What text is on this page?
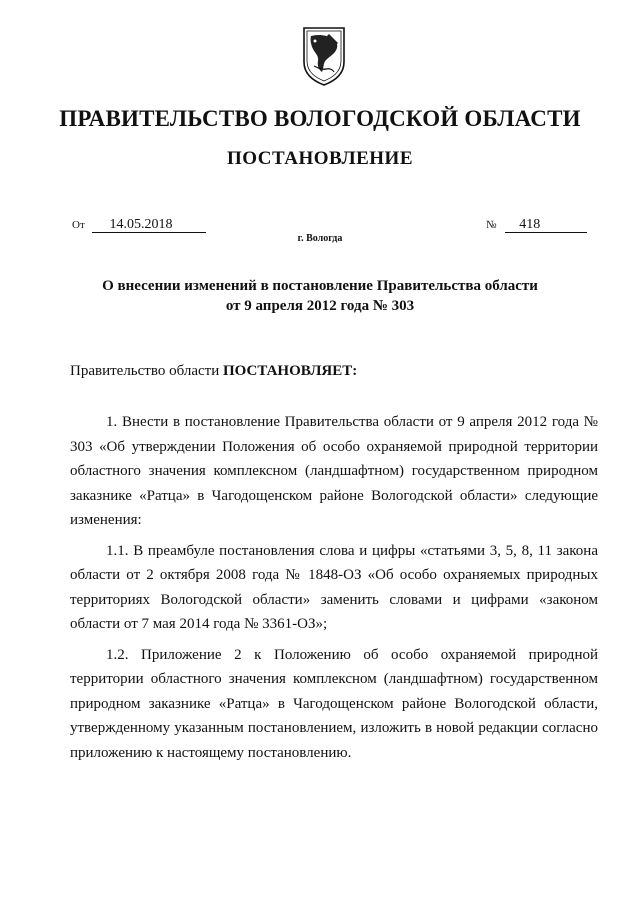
ПРАВИТЕЛЬСТВО ВОЛОГОДСКОЙ ОБЛАСТИ
ПОСТАНОВЛЕНИЕ
От 14.05.2018	№ 418
г. Вологда
О внесении изменений в постановление Правительства области
от 9 апреля 2012 года № 303
Правительство области ПОСТАНОВЛЯЕТ:

1. Внести в постановление Правительства области от 9 апреля 2012 года № 303 «Об утверждении Положения об особо охраняемой природной территории областного значения комплексном (ландшафтном) государственном природном заказнике «Ратца» в Чагодощенском районе Вологодской области» следующие изменения:

1.1. В преамбуле постановления слова и цифры «статьями 3, 5, 8, 11 закона области от 2 октября 2008 года № 1848-ОЗ «Об особо охраняемых природных территориях Вологодской области» заменить словами и цифрами «законом области от 7 мая 2014 года № 3361-ОЗ»;

1.2. Приложение 2 к Положению об особо охраняемой природной территории областного значения комплексном (ландшафтном) государственном природном заказнике «Ратца» в Чагодощенском районе Вологодской области, утвержденному указанным постановлением, изложить в новой редакции согласно приложению к настоящему постановлению.
